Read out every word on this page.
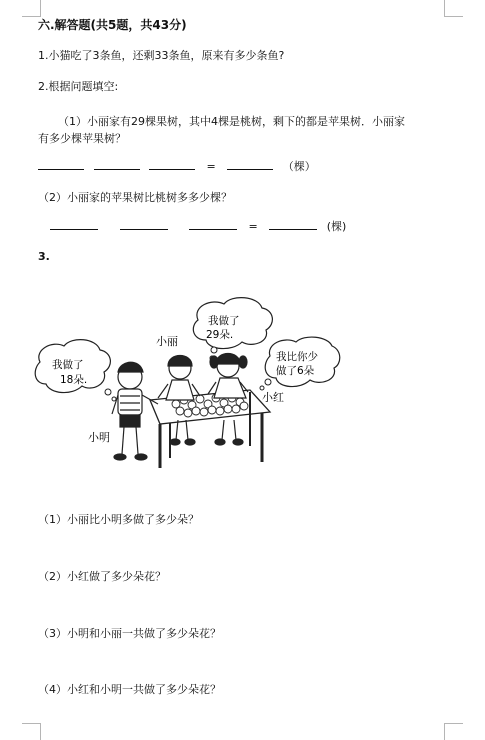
六.解答题(共5题，共43分)
1.小猫吃了3条鱼，还剩33条鱼，原来有多少条鱼?
2.根据问题填空:
（1）小丽家有29棵果树，其中4棵是桃树，剩下的都是苹果树．小丽家
有多少棵苹果树？
=	（棵）
（2）小丽家的苹果树比桃树多多少棵？
=	(棵)
3.
我做了
18朵.
我做了
29朵.
我比你少
做了6朵
小丽
小红
小明
（1）小丽比小明多做了多少朵？
（2）小红做了多少朵花？
（3）小明和小丽一共做了多少朵花？
（4）小红和小明一共做了多少朵花？
